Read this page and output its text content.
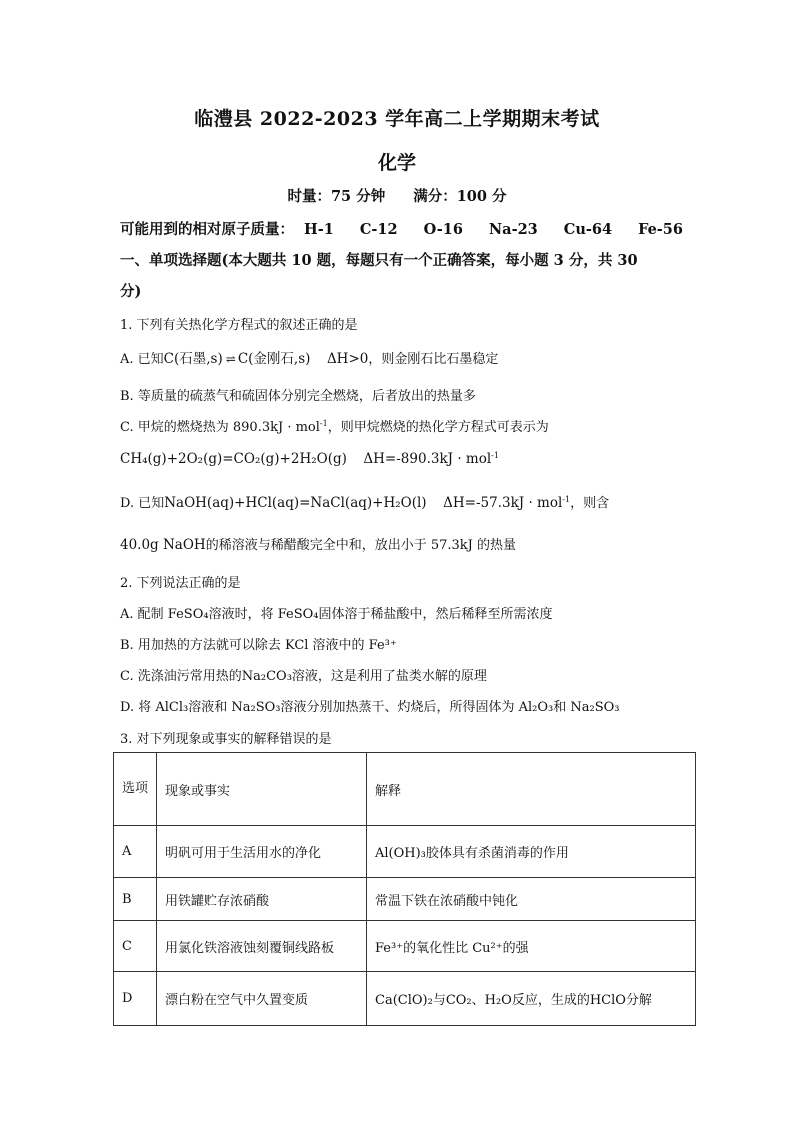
临澧县 2022-2023 学年高二上学期期末考试
化学
时量：75 分钟 满分：100 分
可能用到的相对原子质量： H-1 C-12 O-16 Na-23 Cu-64 Fe-56
一、单项选择题(本大题共 10 题，每题只有一个正确答案，每小题 3 分，共 30
分)
1. 下列有关热化学方程式的叙述正确的是
A. 已知C(石墨,s) ⇌ C(金刚石,s) ΔH>0，则金刚石比石墨稳定
B. 等质量的硫蒸气和硫固体分别完全燃烧，后者放出的热量多
C. 甲烷的燃烧热为 890.3kJ · mol$^{-1}$，则甲烷燃烧的热化学方程式可表示为
CH₄(g)+2O₂(g)=CO₂(g)+2H₂O(g) ΔH=-890.3kJ · mol$^{-1}$
D. 已知NaOH(aq)+HCl(aq)=NaCl(aq)+H₂O(l) ΔH=-57.3kJ · mol$^{-1}$，则含
40.0g NaOH的稀溶液与稀醋酸完全中和，放出小于 57.3kJ 的热量
2. 下列说法正确的是
A. 配制 FeSO₄溶液时，将 FeSO₄固体溶于稀盐酸中，然后稀释至所需浓度
B. 用加热的方法就可以除去 KCl 溶液中的 Fe³⁺
C. 洗涤油污常用热的Na₂CO₃溶液，这是利用了盐类水解的原理
D. 将 AlCl₃溶液和 Na₂SO₃溶液分别加热蒸干、灼烧后，所得固体为 Al₂O₃和 Na₂SO₃
3. 对下列现象或事实的解释错误的是
选项	现象或事实	解释
A	明矾可用于生活用水的净化	Al(OH)₃胶体具有杀菌消毒的作用
B	用铁罐贮存浓硝酸	常温下铁在浓硝酸中钝化
C	用氯化铁溶液蚀刻覆铜线路板	Fe³⁺的氧化性比 Cu²⁺的强
D	漂白粉在空气中久置变质	Ca(ClO)₂与CO₂、H₂O反应，生成的HClO分解
